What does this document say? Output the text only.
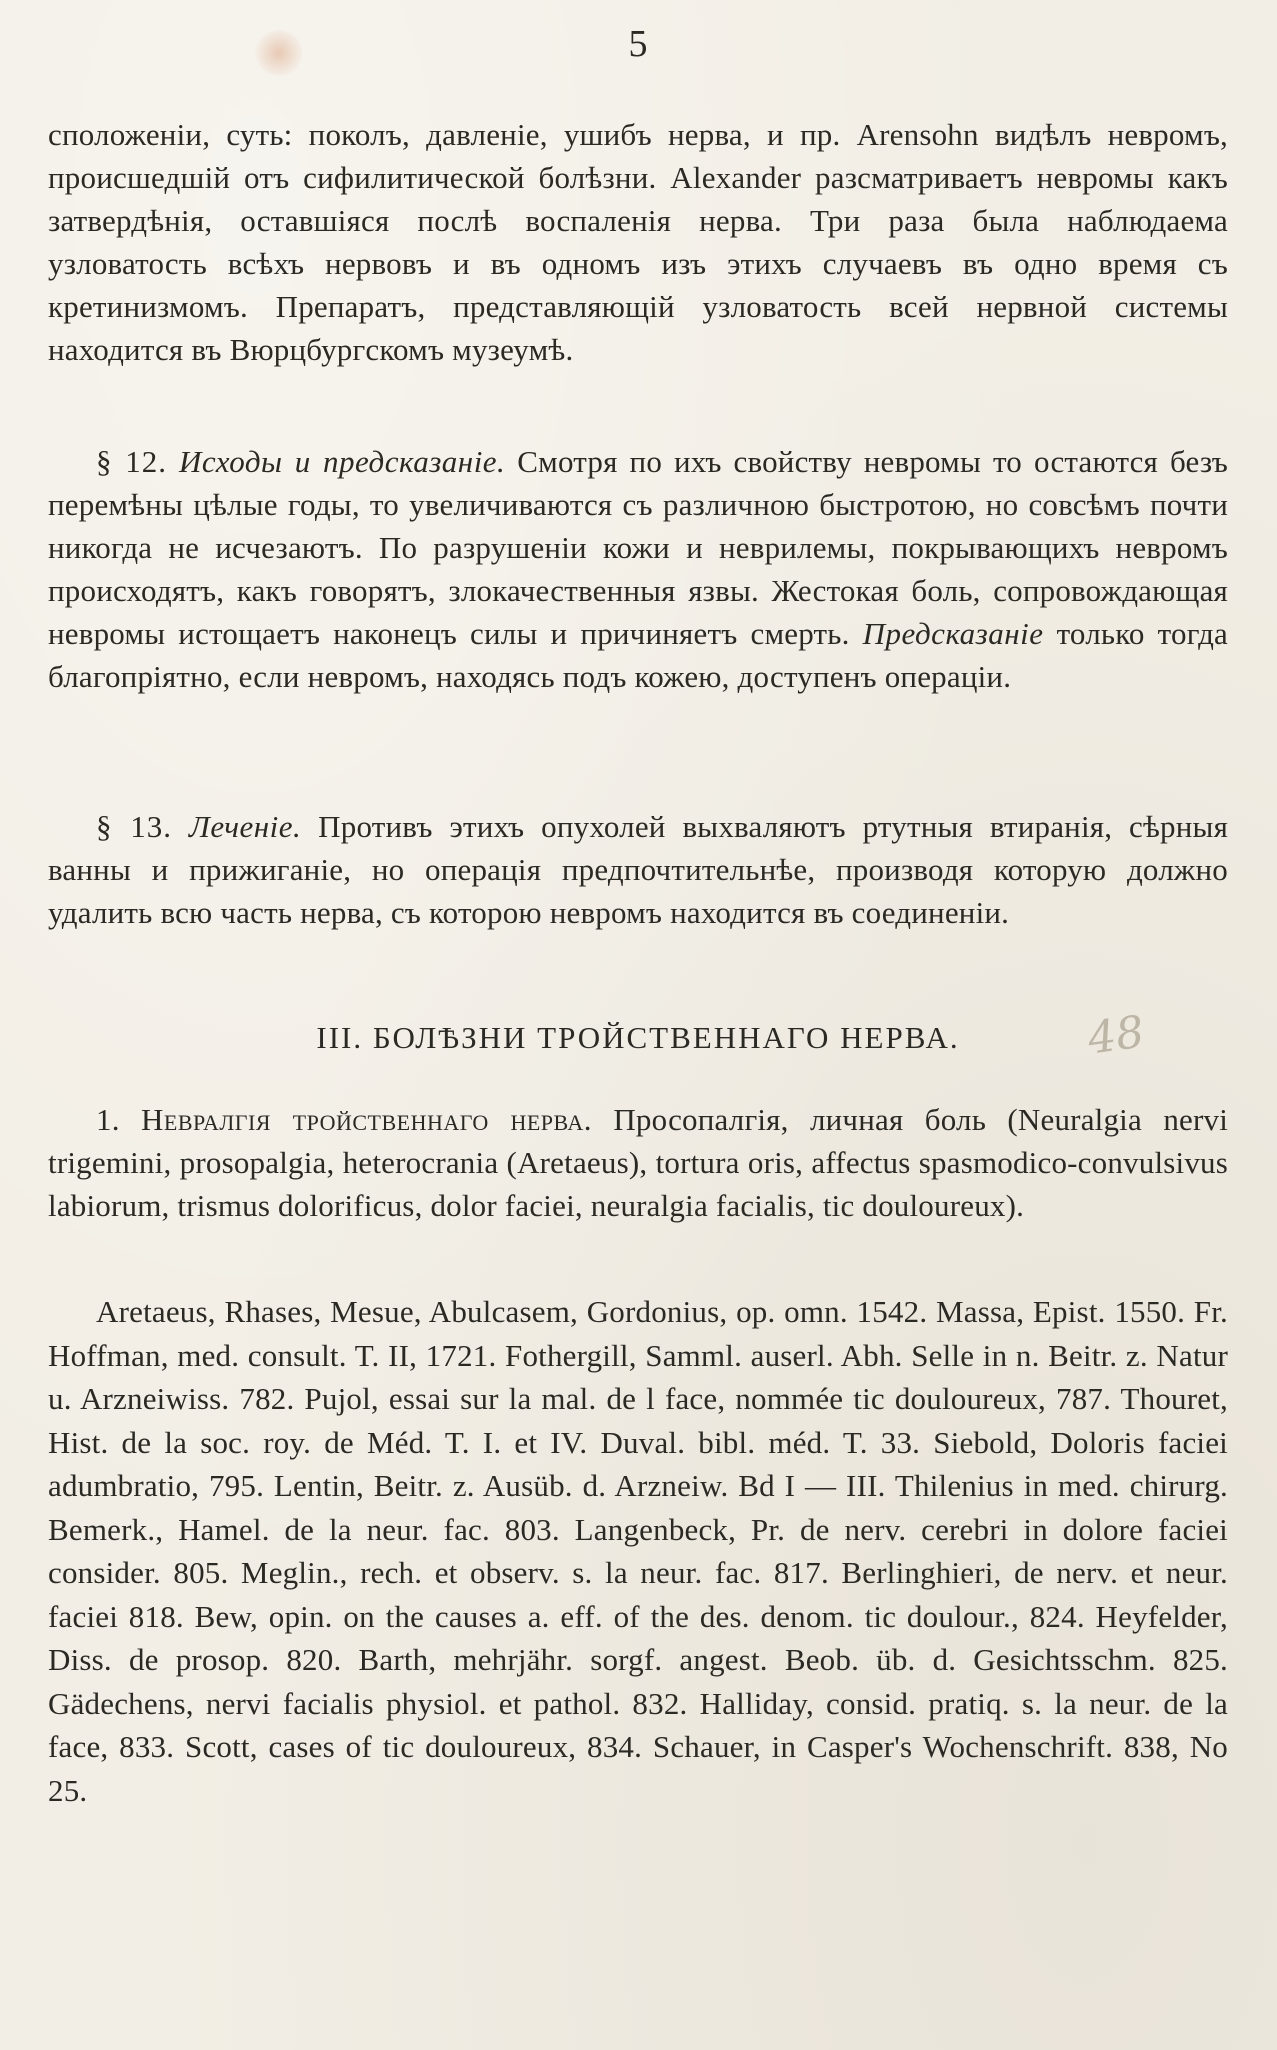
5
сположенiи, суть: поколъ, давленiе, ушибъ нерва, и пр. Arensohn видѣлъ невромъ, происшедшiй отъ сифилитической болѣзни. Alexander разсматриваетъ невромы какъ затвердѣнiя, оставшiяся послѣ воспаленiя нерва. Три раза была наблюдаема узловатость всѣхъ нервовъ и въ одномъ изъ этихъ случаевъ въ одно время съ кретинизмомъ. Препаратъ, представляющiй узловатость всей нервной системы находится въ Вюрцбургскомъ музеумѣ.
§ 12. Исходы и предсказанiе. Смотря по ихъ свойству невромы то остаются безъ перемѣны цѣлые годы, то увеличиваются съ различною быстротою, но совсѣмъ почти никогда не исчезаютъ. По разрушенiи кожи и неврилемы, покрывающихъ невромъ происходятъ, какъ говорятъ, злокачественныя язвы. Жестокая боль, сопровождающая невромы истощаетъ наконецъ силы и причиняетъ смерть. Предсказанiе только тогда благопрiятно, если невромъ, находясь подъ кожею, доступенъ операцiи.
§ 13. Леченiе. Противъ этихъ опухолей выхваляютъ ртутныя втиранiя, сѣрныя ванны и прижиганiе, но операцiя предпочтительнѣе, производя которую должно удалить всю часть нерва, съ которою невромъ находится въ соединенiи.
III. БОЛѢЗНИ ТРОЙСТВЕННАГО НЕРВА.	48
1. Невралгiя тройственнаго нерва. Просопалгiя, личная боль (Neuralgia nervi trigemini, prosopalgia, heterocrania (Aretaeus), tortura oris, affectus spasmodico-convulsivus labiorum, trismus dolorificus, dolor faciei, neuralgia facialis, tic douloureux).
Aretaeus, Rhases, Mesue, Abulcasem, Gordonius, op. omn. 1542. Massa, Epist. 1550. Fr. Hoffman, med. consult. T. II, 1721. Fothergill, Samml. auserl. Abh. Selle in n. Beitr. z. Natur u. Arzneiwiss. 782. Pujol, essai sur la mal. de l face, nommée tic douloureux, 787. Thouret, Hist. de la soc. roy. de Méd. T. I. et IV. Duval. bibl. méd. T. 33. Siebold, Doloris faciei adumbratio, 795. Lentin, Beitr. z. Ausüb. d. Arzneiw. Bd I — III. Thilenius in med. chirurg. Bemerk., Hamel. de la neur. fac. 803. Langenbeck, Pr. de nerv. cerebri in dolore faciei consider. 805. Meglin., rech. et observ. s. la neur. fac. 817. Berlinghieri, de nerv. et neur. faciei 818. Bew, opin. on the causes a. eff. of the des. denom. tic doulour., 824. Heyfelder, Diss. de prosop. 820. Barth, mehrjähr. sorgf. angest. Beob. üb. d. Gesichtsschm. 825. Gädechens, nervi facialis physiol. et pathol. 832. Halliday, consid. pratiq. s. la neur. de la face, 833. Scott, cases of tic douloureux, 834. Schauer, in Casper's Wochenschrift. 838, No 25.
